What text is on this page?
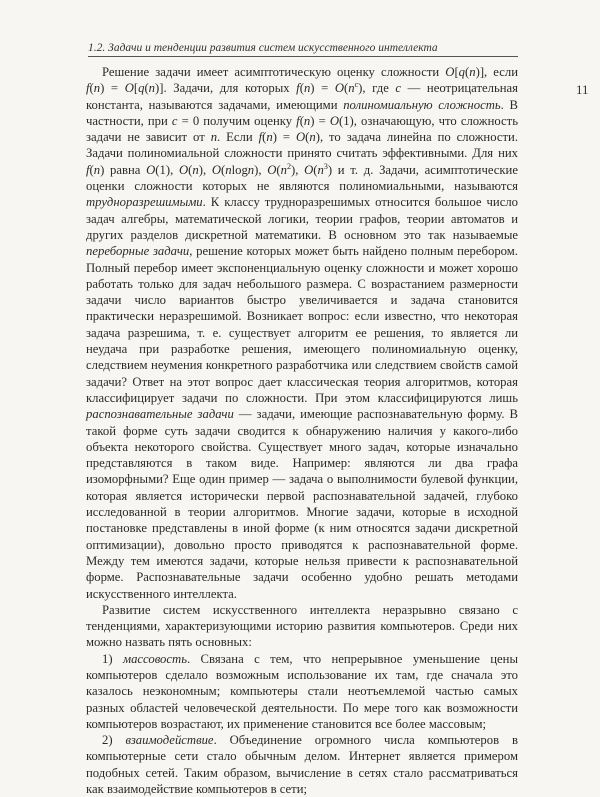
1.2. Задачи и тенденции развития систем искусственного интеллекта
11

Решение задачи имеет асимптотическую оценку сложности O[q(n)], если f(n) = O[q(n)]. Задачи, для которых $f(n) = O(n^c)$, где c — неотрицательная константа, называются задачами, имеющими полиномиальную сложность. В частности, при c = 0 получим оценку f(n) = O(1), означающую, что сложность задачи не зависит от n. Если f(n) = O(n), то задача линейна по сложности. Задачи полиномиальной сложности принято считать эффективными. Для них f(n) равна O(1), O(n), O(nlogn), $O(n^2)$, $O(n^3)$ и т. д. Задачи, асимптотические оценки сложности которых не являются полиномиальными, называются трудноразрешимыми. К классу трудноразрешимых относится большое число задач алгебры, математической логики, теории графов, теории автоматов и других разделов дискретной математики. В основном это так называемые переборные задачи, решение которых может быть найдено полным перебором. Полный перебор имеет экспоненциальную оценку сложности и может хорошо работать только для задач небольшого размера. С возрастанием размерности задачи число вариантов быстро увеличивается и задача становится практически неразрешимой. Возникает вопрос: если известно, что некоторая задача разрешима, т. е. существует алгоритм ее решения, то является ли неудача при разработке решения, имеющего полиномиальную оценку, следствием неумения конкретного разработчика или следствием свойств самой задачи? Ответ на этот вопрос дает классическая теория алгоритмов, которая классифицирует задачи по сложности. При этом классифицируются лишь распознавательные задачи — задачи, имеющие распознавательную форму. В такой форме суть задачи сводится к обнаружению наличия у какого-либо объекта некоторого свойства. Существует много задач, которые изначально представляются в таком виде. Например: являются ли два графа изоморфными? Еще один пример — задача о выполнимости булевой функции, которая является исторически первой распознавательной задачей, глубоко исследованной в теории алгоритмов. Многие задачи, которые в исходной постановке представлены в иной форме (к ним относятся задачи дискретной оптимизации), довольно просто приводятся к распознавательной форме. Между тем имеются задачи, которые нельзя привести к распознавательной форме. Распознавательные задачи особенно удобно решать методами искусственного интеллекта.

Развитие систем искусственного интеллекта неразрывно связано с тенденциями, характеризующими историю развития компьютеров. Среди них можно назвать пять основных:

1) массовость. Связана с тем, что непрерывное уменьшение цены компьютеров сделало возможным использование их там, где сначала это казалось неэкономным; компьютеры стали неотъемлемой частью самых разных областей человеческой деятельности. По мере того как возможности компьютеров возрастают, их применение становится все более массовым;

2) взаимодействие. Объединение огромного числа компьютеров в компьютерные сети стало обычным делом. Интернет является примером подобных сетей. Таким образом, вычисление в сетях стало рассматриваться как взаимодействие компьютеров в сети;
